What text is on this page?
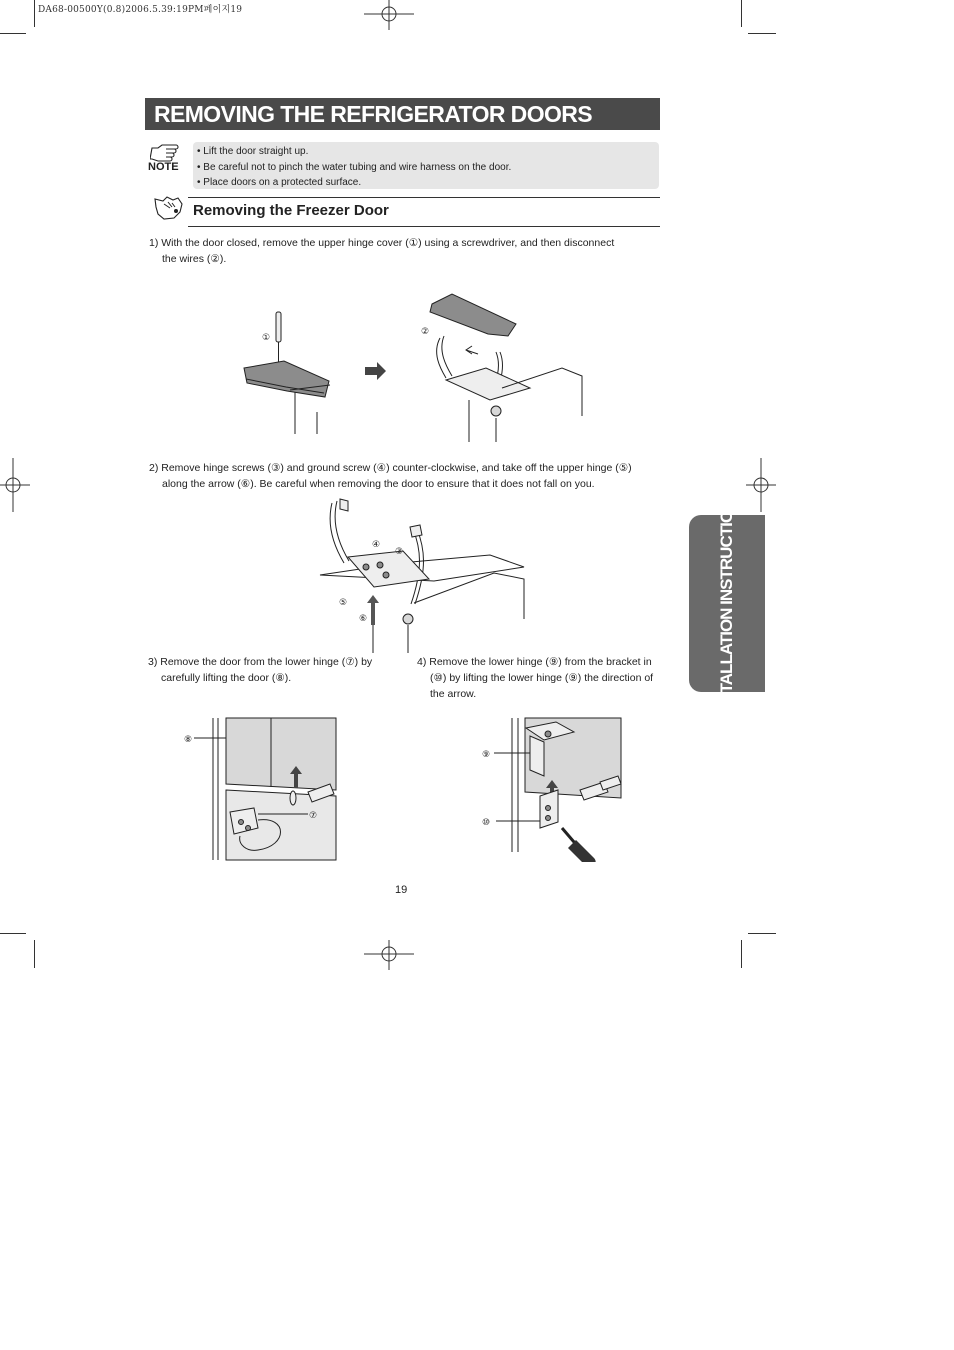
DA68-00500Y(0.8)2006.5.39:19PM페이지19
REMOVING THE REFRIGERATOR DOORS
NOTE
• Lift the door straight up.
• Be careful not to pinch the water tubing and wire harness on the door.
• Place doors on a protected surface.
Removing the Freezer Door
1) With the door closed, remove the upper hinge cover (①) using a screwdriver, and then disconnect
the wires (②).
①
②
2) Remove hinge screws (③) and ground screw (④) counter-clockwise, and take off the upper hinge (⑤)
along the arrow (⑥). Be careful when removing the door to ensure that it does not fall on you.
④
③
⑤
⑥
3) Remove the door from the lower hinge (⑦) by
carefully lifting the door (⑧).
4) Remove the lower hinge (⑨) from the bracket in
(⑩) by lifting the lower hinge (⑨) the direction of
the arrow.
⑧
⑦
⑨
⑩
19
INSTALLATION INSTRUCTIONS
